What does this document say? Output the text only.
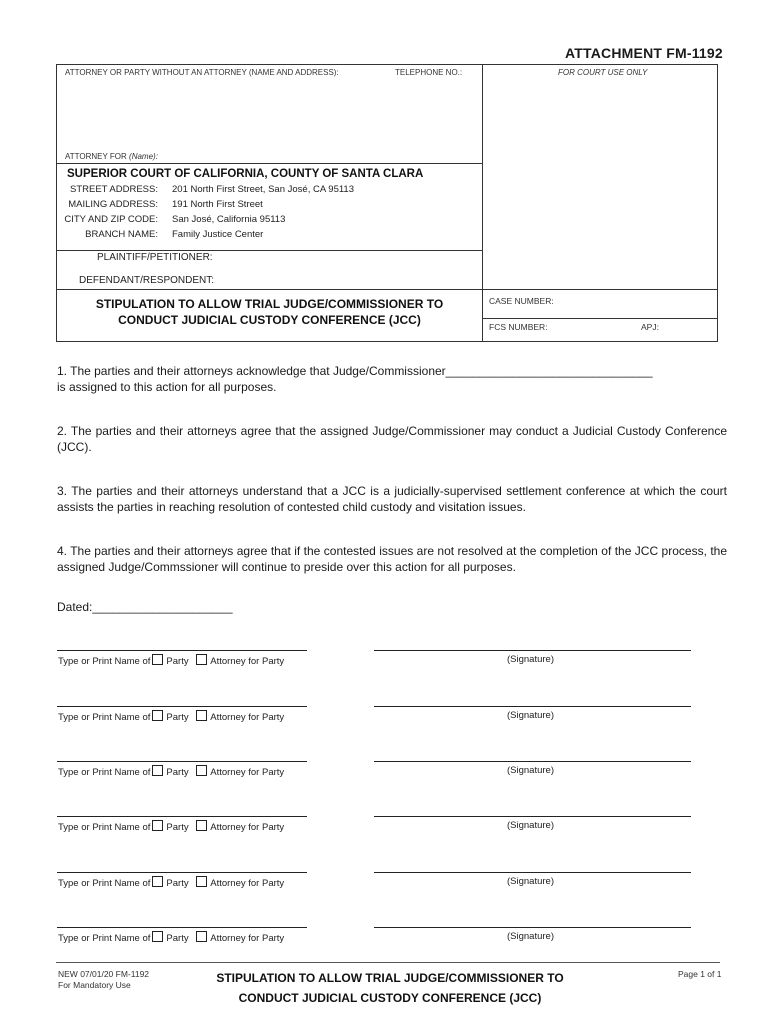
ATTACHMENT FM-1192
ATTORNEY OR PARTY WITHOUT AN ATTORNEY (NAME AND ADDRESS):	TELEPHONE NO.:	FOR COURT USE ONLY
ATTORNEY FOR (Name):
SUPERIOR COURT OF CALIFORNIA, COUNTY OF SANTA CLARA
STREET ADDRESS: 201 North First Street, San José, CA 95113
MAILING ADDRESS: 191 North First Street
CITY AND ZIP CODE: San José, California 95113
BRANCH NAME: Family Justice Center
PLAINTIFF/PETITIONER:
DEFENDANT/RESPONDENT:
STIPULATION TO ALLOW TRIAL JUDGE/COMMISSIONER TO
CONDUCT JUDICIAL CUSTODY CONFERENCE (JCC)
CASE NUMBER:
FCS NUMBER:	APJ:
1. The parties and their attorneys acknowledge that Judge/Commissioner_______________________________
is assigned to this action for all purposes.
2. The parties and their attorneys agree that the assigned Judge/Commissioner may conduct a Judicial Custody Conference (JCC).
3. The parties and their attorneys understand that a JCC is a judicially-supervised settlement conference at which the court assists the parties in reaching resolution of contested child custody and visitation issues.
4. The parties and their attorneys agree that if the contested issues are not resolved at the completion of the JCC process, the assigned Judge/Commssioner will continue to preside over this action for all purposes.
Dated:_____________________
Type or Print Name of Party Attorney for Party	(Signature)
Type or Print Name of Party Attorney for Party	(Signature)
Type or Print Name of Party Attorney for Party	(Signature)
Type or Print Name of Party Attorney for Party	(Signature)
Type or Print Name of Party Attorney for Party	(Signature)
Type or Print Name of Party Attorney for Party	(Signature)
NEW 07/01/20 FM-1192
For Mandatory Use	STIPULATION TO ALLOW TRIAL JUDGE/COMMISSIONER TO
CONDUCT JUDICIAL CUSTODY CONFERENCE (JCC)
Page 1 of 1
